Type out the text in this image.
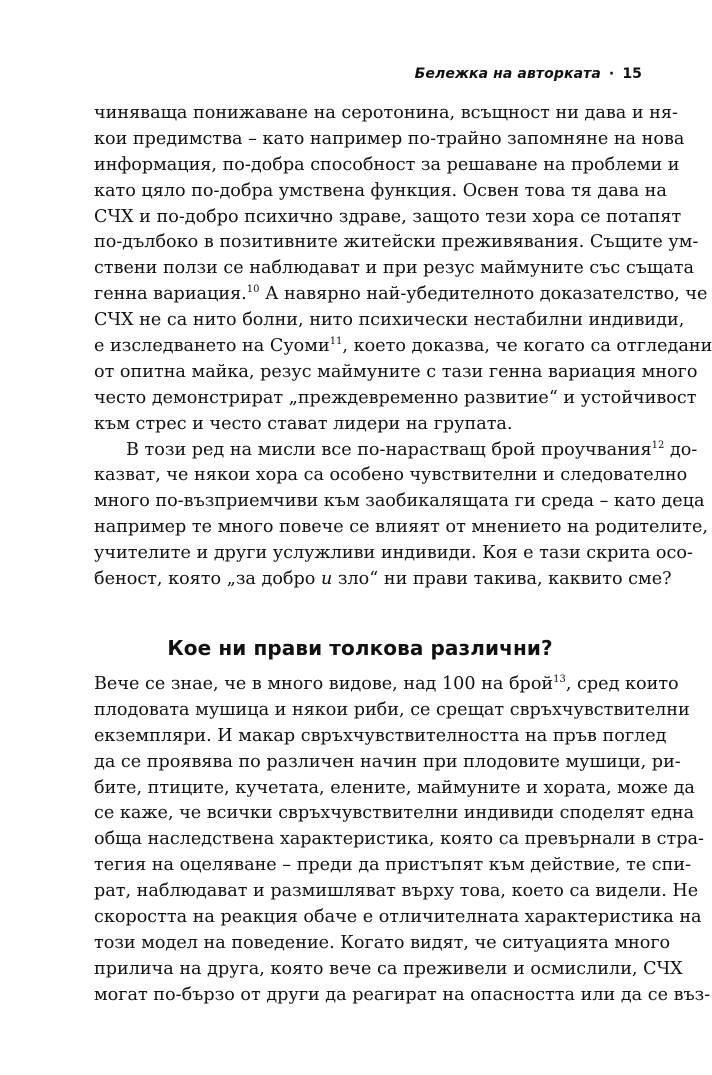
Бележка на авторката · 15
чиняваща понижаване на серотонина, всъщност ни дава и ня-
кои предимства – като например по-трайно запомняне на нова
информация, по-добра способност за решаване на проблеми и
като цяло по-добра умствена функция. Освен това тя дава на
СЧХ и по-добро психично здраве, защото тези хора се потапят
по-дълбоко в позитивните житейски преживявания. Същите ум-
ствени ползи се наблюдават и при резус маймуните със същата
генна вариация.$^{10}$ А навярно най-убедителното доказателство, че
СЧХ не са нито болни, нито психически нестабилни индивиди,
е изследването на Суоми$^{11}$, което доказва, че когато са отгледани
от опитна майка, резус маймуните с тази генна вариация много
често демонстрират „преждевременно развитие“ и устойчивост
към стрес и често стават лидери на групата.
В този ред на мисли все по-нарастващ брой проучвания$^{12}$ до-
казват, че някои хора са особено чувствителни и следователно
много по-възприемчиви към заобикалящата ги среда – като деца
например те много повече се влияят от мнението на родителите,
учителите и други услужливи индивиди. Коя е тази скрита осо-
беност, която „за добро и зло“ ни прави такива, каквито сме?
Кое ни прави толкова различни?
Вече се знае, че в много видове, над 100 на брой$^{13}$, сред които
плодовата мушица и някои риби, се срещат свръхчувствителни
екземпляри. И макар свръхчувствителността на пръв поглед
да се проявява по различен начин при плодовите мушици, ри-
бите, птиците, кучетата, елените, маймуните и хората, може да
се каже, че всички свръхчувствителни индивиди споделят една
обща наследствена характеристика, която са превърнали в стра-
тегия на оцеляване – преди да пристъпят към действие, те спи-
рат, наблюдават и размишляват върху това, което са видели. Не
скоростта на реакция обаче е отличителната характеристика на
този модел на поведение. Когато видят, че ситуацията много
прилича на друга, която вече са преживели и осмислили, СЧХ
могат по-бързо от други да реагират на опасността или да се въз-
